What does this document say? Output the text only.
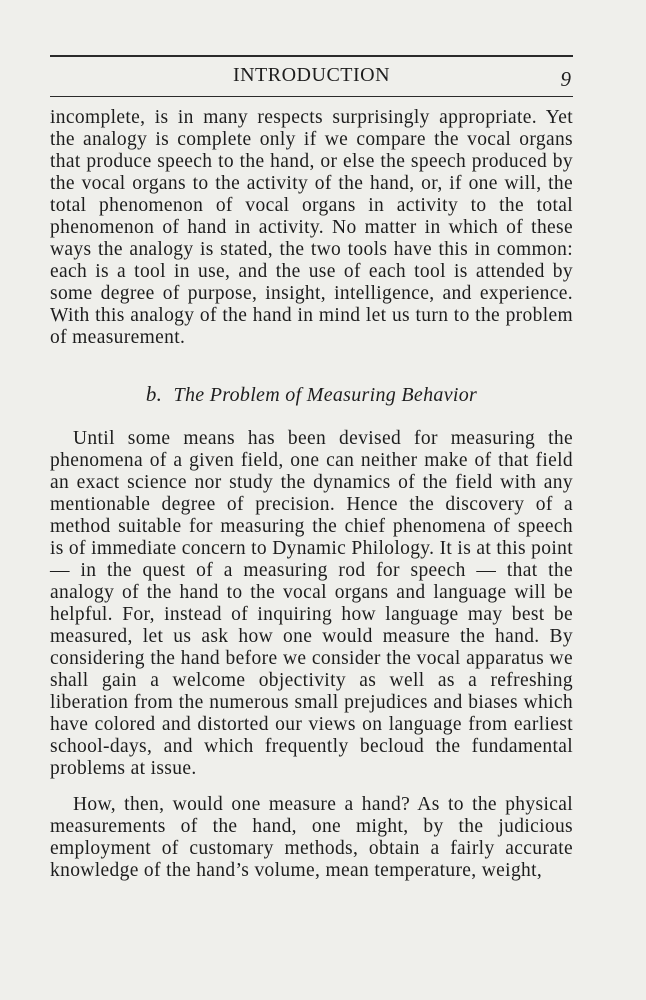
INTRODUCTION	9

incomplete, is in many respects surprisingly appropriate. Yet the analogy is complete only if we compare the vocal organs that produce speech to the hand, or else the speech produced by the vocal organs to the activity of the hand, or, if one will, the total phenomenon of vocal organs in activity to the total phenomenon of hand in activity. No matter in which of these ways the analogy is stated, the two tools have this in common: each is a tool in use, and the use of each tool is attended by some degree of purpose, insight, intelligence, and experience. With this analogy of the hand in mind let us turn to the problem of measurement.

b. The Problem of Measuring Behavior

Until some means has been devised for measuring the phenomena of a given field, one can neither make of that field an exact science nor study the dynamics of the field with any mentionable degree of precision. Hence the discovery of a method suitable for measuring the chief phenomena of speech is of immediate concern to Dynamic Philology. It is at this point — in the quest of a measuring rod for speech — that the analogy of the hand to the vocal organs and language will be helpful. For, instead of inquiring how language may best be measured, let us ask how one would measure the hand. By considering the hand before we consider the vocal apparatus we shall gain a welcome objectivity as well as a refreshing liberation from the numerous small prejudices and biases which have colored and distorted our views on language from earliest school-days, and which frequently becloud the fundamental problems at issue.

How, then, would one measure a hand? As to the physical measurements of the hand, one might, by the judicious employment of customary methods, obtain a fairly accurate knowledge of the hand’s volume, mean temperature, weight,
